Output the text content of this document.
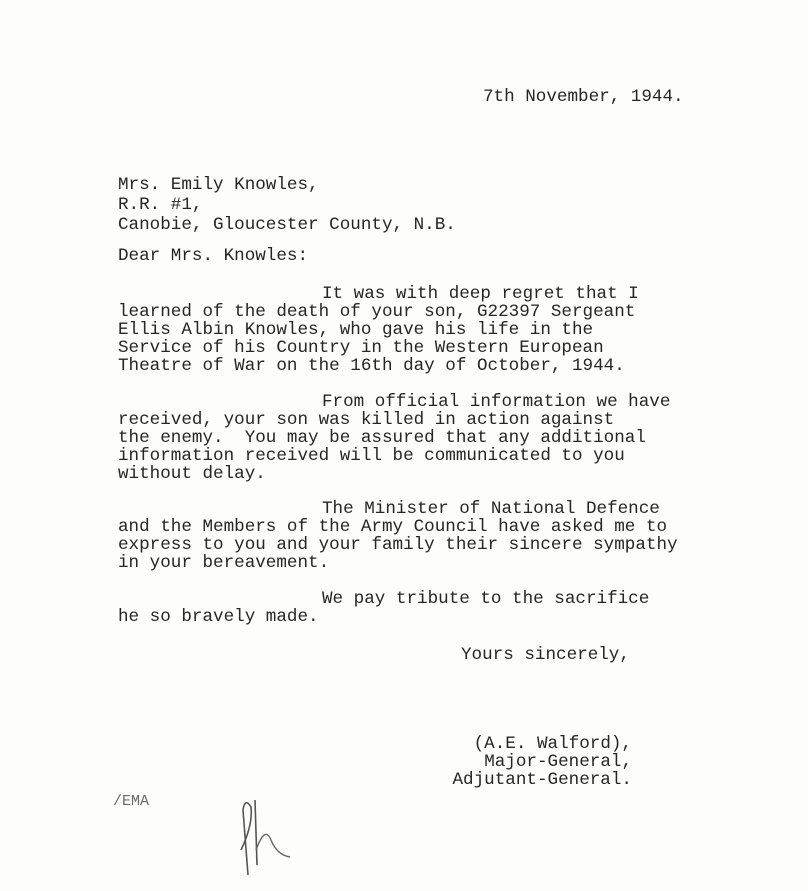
7th November, 1944.
Mrs. Emily Knowles,
R.R. #1,
Canobie, Gloucester County, N.B.
Dear Mrs. Knowles:
It was with deep regret that I
learned of the death of your son, G22397 Sergeant
Ellis Albin Knowles, who gave his life in the
Service of his Country in the Western European
Theatre of War on the 16th day of October, 1944.
From official information we have
received, your son was killed in action against
the enemy.  You may be assured that any additional
information received will be communicated to you
without delay.
The Minister of National Defence
and the Members of the Army Council have asked me to
express to you and your family their sincere sympathy
in your bereavement.
We pay tribute to the sacrifice
he so bravely made.
Yours sincerely,
(A.E. Walford),
Major-General,
Adjutant-General.
/EMA
